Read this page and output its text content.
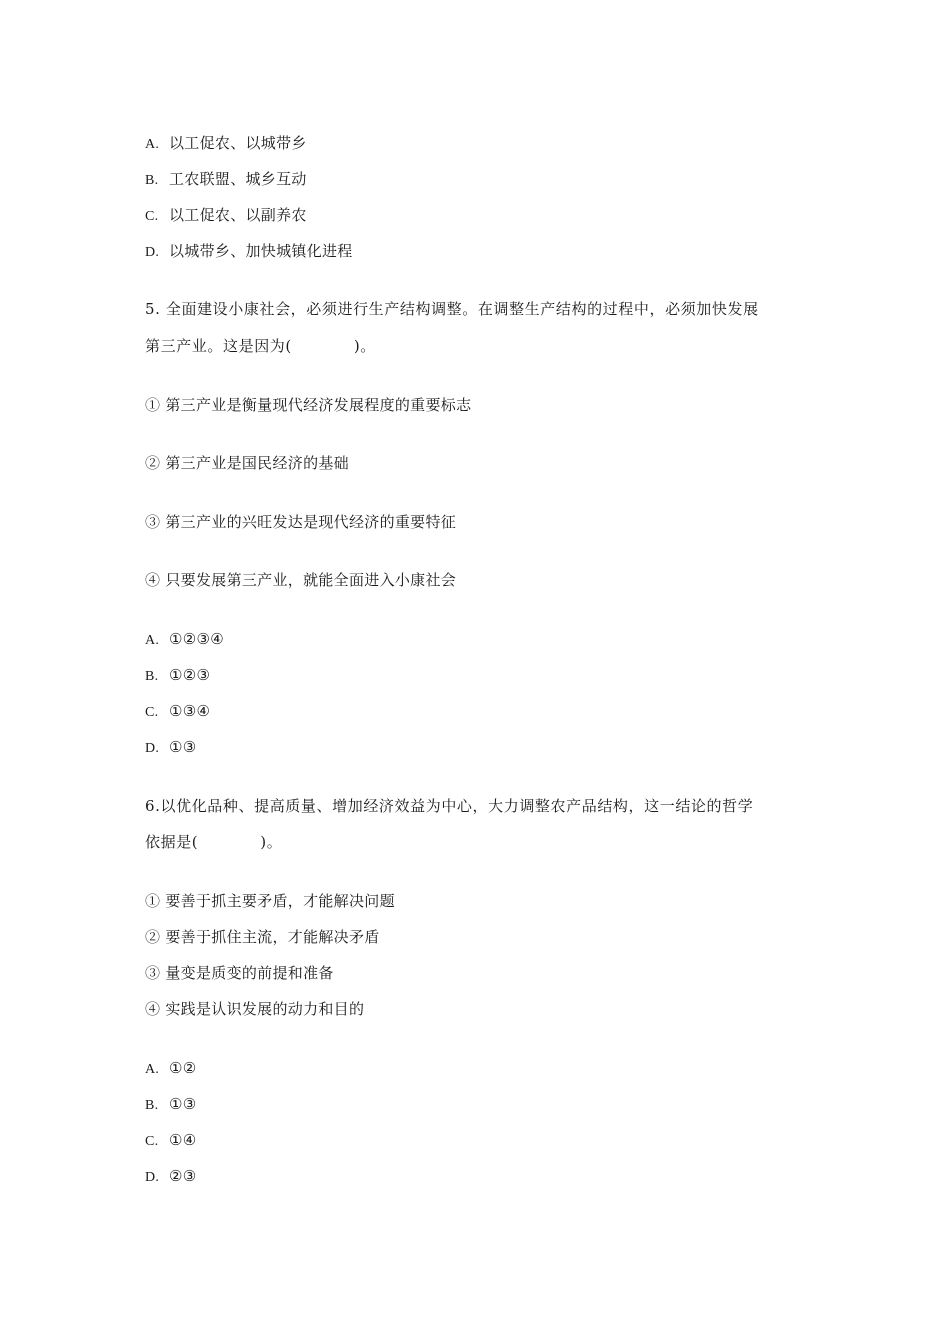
A. 以工促农、以城带乡
B. 工农联盟、城乡互动
C. 以工促农、以副养农
D. 以城带乡、加快城镇化进程
5. 全面建设小康社会，必须进行生产结构调整。在调整生产结构的过程中，必须加快发展
第三产业。这是因为(	)。
① 第三产业是衡量现代经济发展程度的重要标志
② 第三产业是国民经济的基础
③ 第三产业的兴旺发达是现代经济的重要特征
④ 只要发展第三产业，就能全面进入小康社会
A. ①②③④
B. ①②③
C. ①③④
D. ①③
6.以优化品种、提高质量、增加经济效益为中心，大力调整农产品结构，这一结论的哲学
依据是(	)。
① 要善于抓主要矛盾，才能解决问题
② 要善于抓住主流，才能解决矛盾
③ 量变是质变的前提和准备
④ 实践是认识发展的动力和目的
A. ①②
B. ①③
C. ①④
D. ②③
